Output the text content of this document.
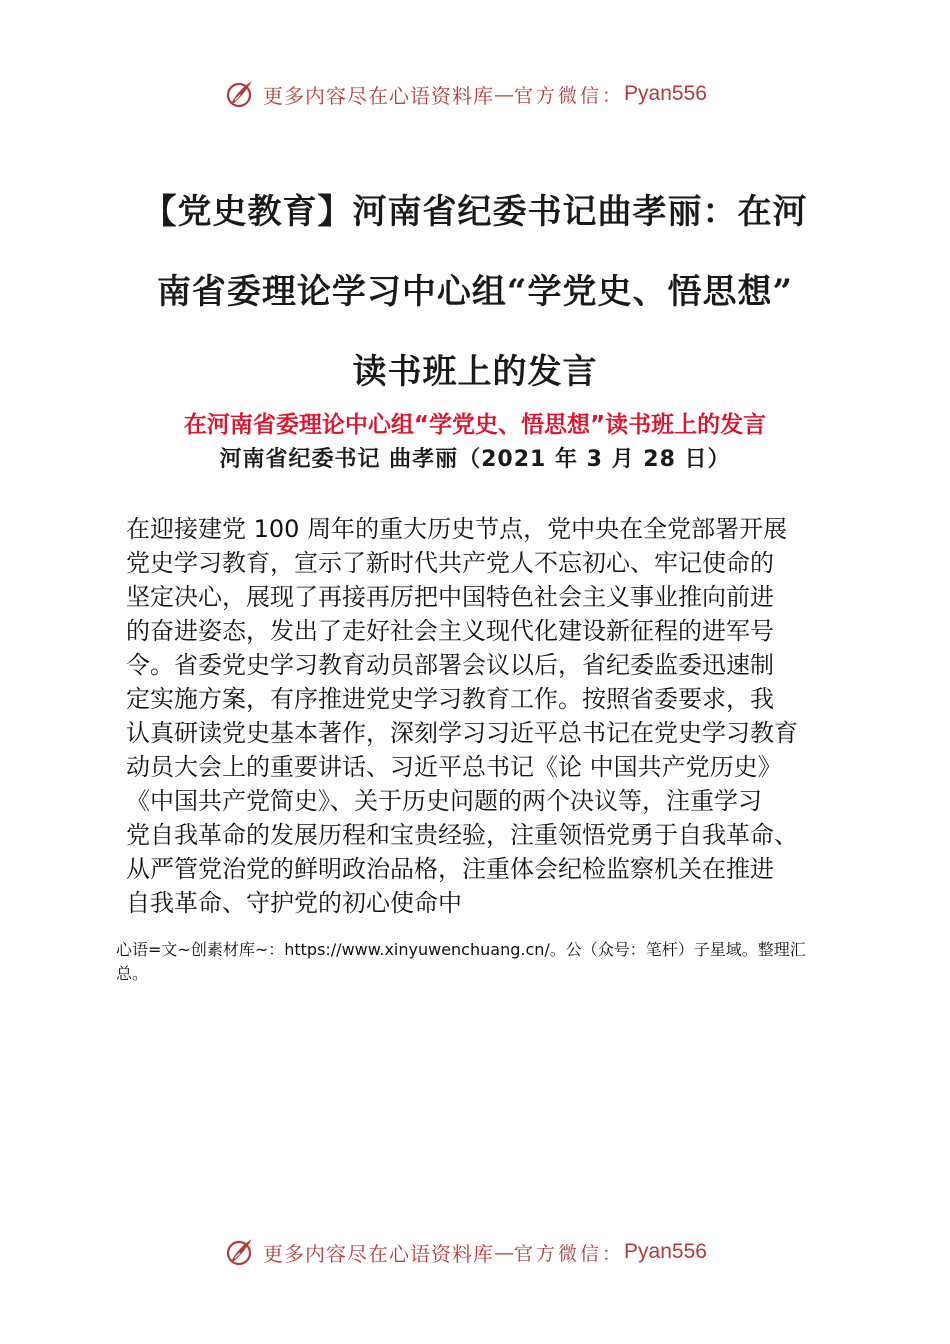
更多内容尽在心语资料库 — 官方微信： Pyan556
【党史教育】河南省纪委书记曲孝丽：在河
南省委理论学习中心组“学党史、悟思想”
读书班上的发言
在河南省委理论中心组“学党史、悟思想”读书班上的发言
河南省纪委书记 曲孝丽（2021 年 3 月 28 日）
在迎接建党 100 周年的重大历史节点，党中央在全党部署开展
党史学习教育，宣示了新时代共产党人不忘初心、牢记使命的
坚定决心，展现了再接再厉把中国特色社会主义事业推向前进
的奋进姿态，发出了走好社会主义现代化建设新征程的进军号
令。省委党史学习教育动员部署会议以后，省纪委监委迅速制
定实施方案，有序推进党史学习教育工作。按照省委要求，我
认真研读党史基本著作，深刻学习习近平总书记在党史学习教育
动员大会上的重要讲话、习近平总书记《论 中国共产党历史》
《中国共产党简史》、关于历史问题的两个决议等，注重学习
党自我革命的发展历程和宝贵经验，注重领悟党勇于自我革命、
从严管党治党的鲜明政治品格，注重体会纪检监察机关在推进
自我革命、守护党的初心使命中
心语=文~创素材库~：https://www.xinyuwenchuang.cn/。公（众号：笔杆）子星域。整理汇
总。
更多内容尽在心语资料库 — 官方微信： Pyan556
